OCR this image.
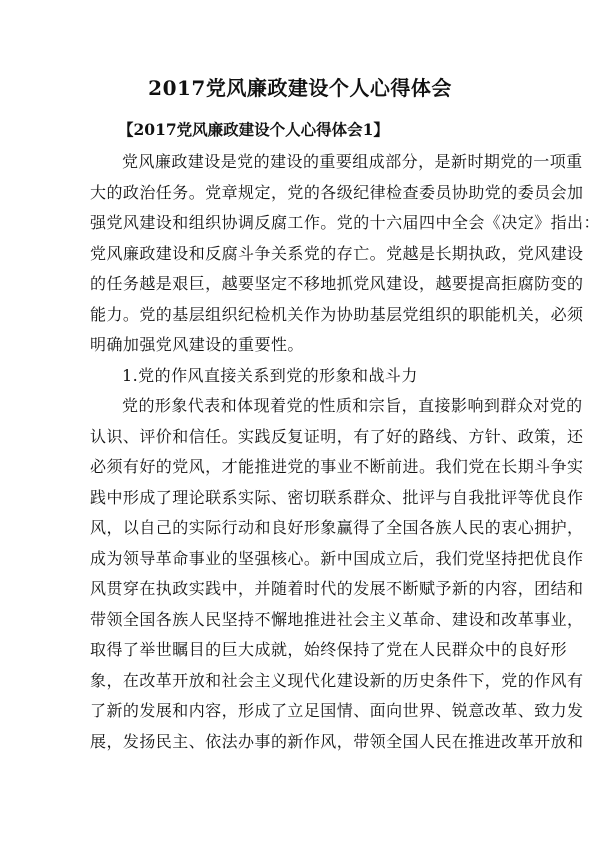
2017党风廉政建设个人心得体会
【2017党风廉政建设个人心得体会1】

党风廉政建设是党的建设的重要组成部分，是新时期党的一项重
大的政治任务。党章规定，党的各级纪律检查委员协助党的委员会加
强党风建设和组织协调反腐工作。党的十六届四中全会《决定》指出：
党风廉政建设和反腐斗争关系党的存亡。党越是长期执政，党风建设
的任务越是艰巨，越要坚定不移地抓党风建设，越要提高拒腐防变的
能力。党的基层组织纪检机关作为协助基层党组织的职能机关，必须
明确加强党风建设的重要性。

1.党的作风直接关系到党的形象和战斗力

党的形象代表和体现着党的性质和宗旨，直接影响到群众对党的
认识、评价和信任。实践反复证明，有了好的路线、方针、政策，还
必须有好的党风，才能推进党的事业不断前进。我们党在长期斗争实
践中形成了理论联系实际、密切联系群众、批评与自我批评等优良作
风，以自己的实际行动和良好形象赢得了全国各族人民的衷心拥护，
成为领导革命事业的坚强核心。新中国成立后，我们党坚持把优良作
风贯穿在执政实践中，并随着时代的发展不断赋予新的内容，团结和
带领全国各族人民坚持不懈地推进社会主义革命、建设和改革事业，
取得了举世瞩目的巨大成就，始终保持了党在人民群众中的良好形
象，在改革开放和社会主义现代化建设新的历史条件下，党的作风有
了新的发展和内容，形成了立足国情、面向世界、锐意改革、致力发
展，发扬民主、依法办事的新作风，带领全国人民在推进改革开放和
